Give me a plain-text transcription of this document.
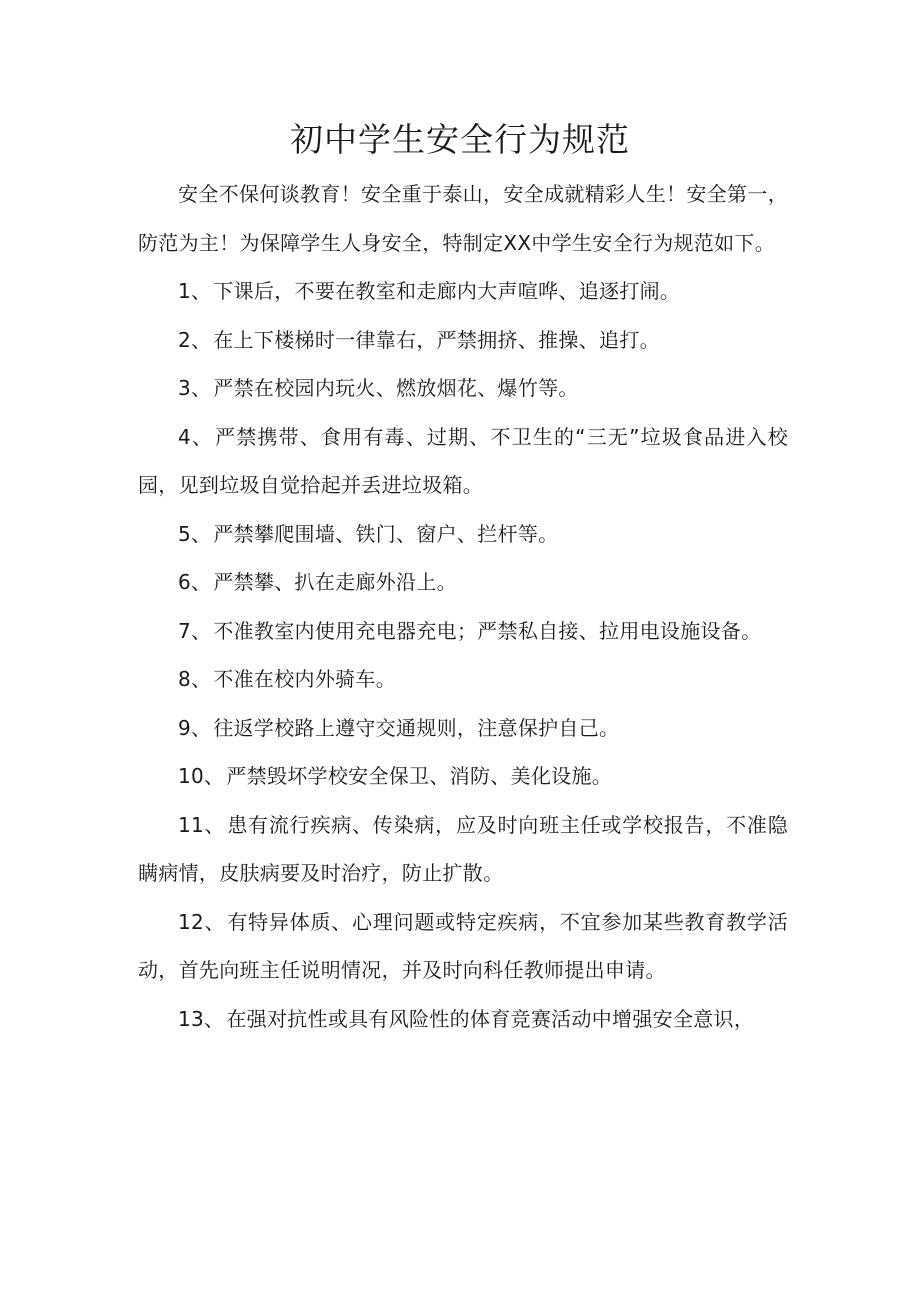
初中学生安全行为规范

安全不保何谈教育！安全重于泰山，安全成就精彩人生！安全第一，防范为主！为保障学生人身安全，特制定XX中学生安全行为规范如下。

1、 下课后，不要在教室和走廊内大声喧哗、追逐打闹。

2、 在上下楼梯时一律靠右，严禁拥挤、推操、追打。

3、 严禁在校园内玩火、燃放烟花、爆竹等。

4、 严禁携带、食用有毒、过期、不卫生的“三无”垃圾食品进入校园，见到垃圾自觉拾起并丢进垃圾箱。

5、 严禁攀爬围墙、铁门、窗户、拦杆等。

6、 严禁攀、扒在走廊外沿上。

7、 不准教室内使用充电器充电；严禁私自接、拉用电设施设备。

8、 不准在校内外骑车。

9、 往返学校路上遵守交通规则，注意保护自己。

10、 严禁毁坏学校安全保卫、消防、美化设施。

11、 患有流行疾病、传染病，应及时向班主任或学校报告，不准隐瞒病情，皮肤病要及时治疗，防止扩散。

12、 有特异体质、心理问题或特定疾病，不宜参加某些教育教学活动，首先向班主任说明情况，并及时向科任教师提出申请。

13、 在强对抗性或具有风险性的体育竞赛活动中增强安全意识，
